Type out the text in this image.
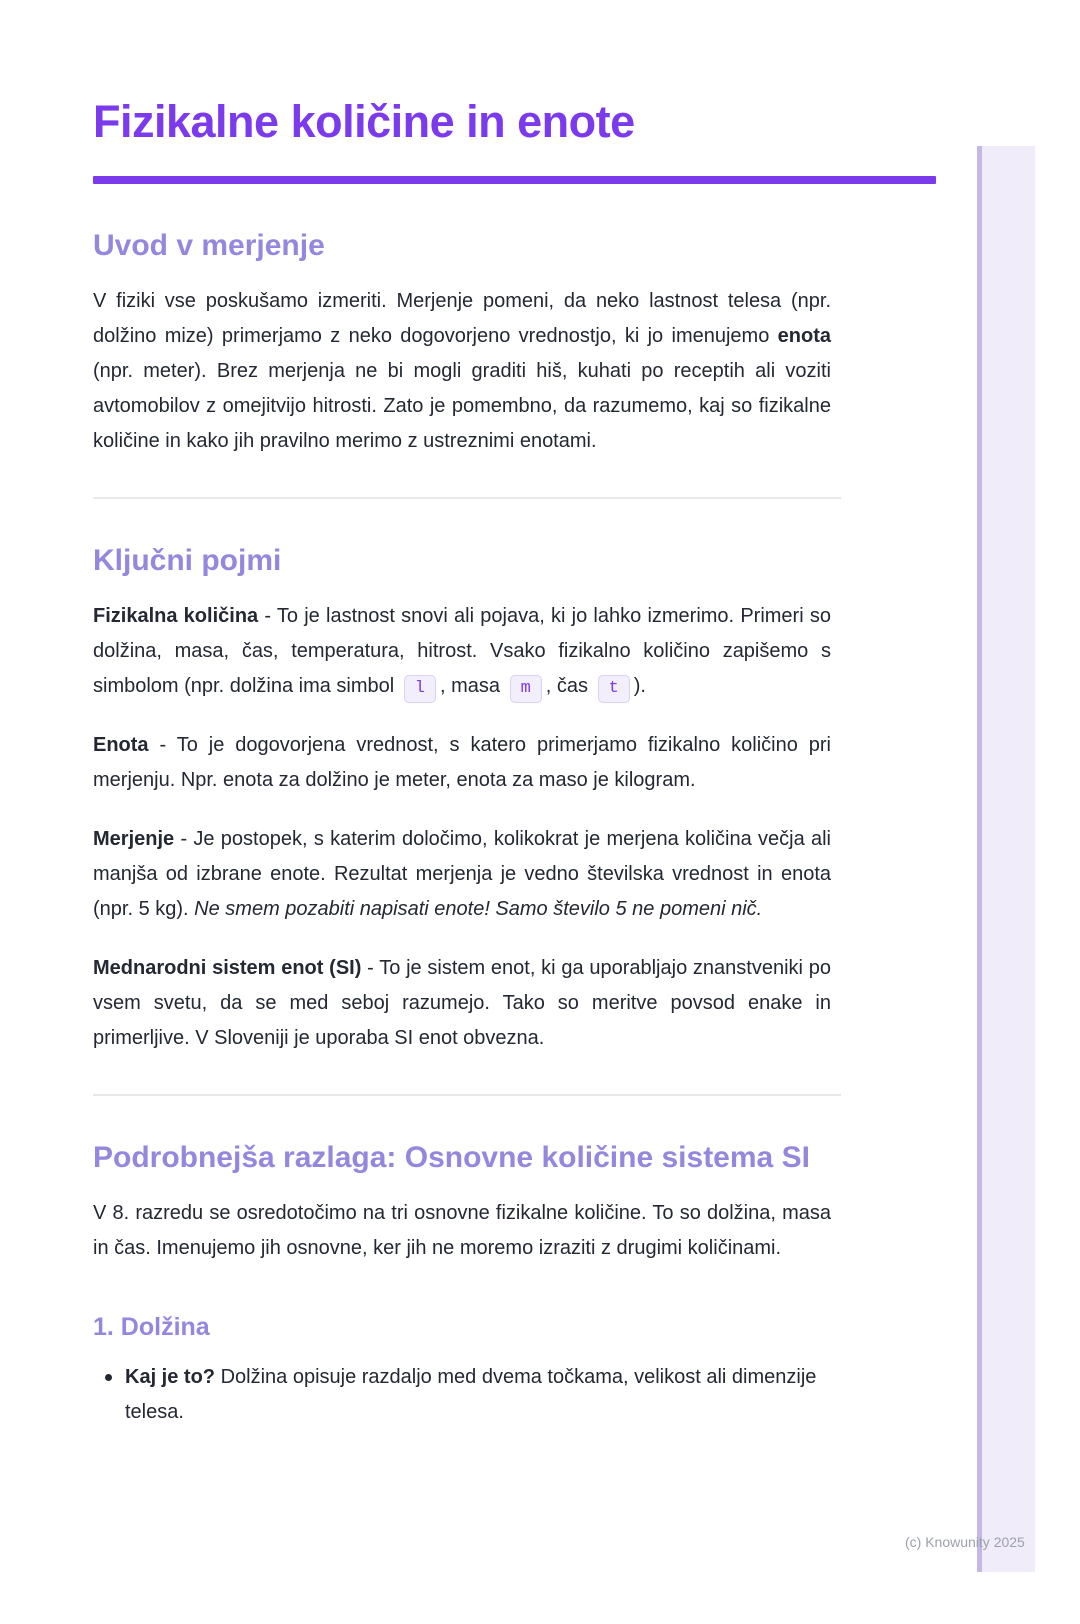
(c) Knowunity 2025
Fizikalne količine in enote
Uvod v merjenje

V fiziki vse poskušamo izmeriti. Merjenje pomeni, da neko lastnost telesa (npr. dolžino mize) primerjamo z neko dogovorjeno vrednostjo, ki jo imenujemo enota (npr. meter). Brez merjenja ne bi mogli graditi hiš, kuhati po receptih ali voziti avtomobilov z omejitvijo hitrosti. Zato je pomembno, da razumemo, kaj so fizikalne količine in kako jih pravilno merimo z ustreznimi enotami.

Ključni pojmi

Fizikalna količina - To je lastnost snovi ali pojava, ki jo lahko izmerimo. Primeri so dolžina, masa, čas, temperatura, hitrost. Vsako fizikalno količino zapišemo s simbolom (npr. dolžina ima simbol l , masa m , čas t ).

Enota - To je dogovorjena vrednost, s katero primerjamo fizikalno količino pri merjenju. Npr. enota za dolžino je meter, enota za maso je kilogram.

Merjenje - Je postopek, s katerim določimo, kolikokrat je merjena količina večja ali manjša od izbrane enote. Rezultat merjenja je vedno številska vrednost in enota (npr. 5 kg). Ne smem pozabiti napisati enote! Samo število 5 ne pomeni nič.

Mednarodni sistem enot (SI) - To je sistem enot, ki ga uporabljajo znanstveniki po vsem svetu, da se med seboj razumejo. Tako so meritve povsod enake in primerljive. V Sloveniji je uporaba SI enot obvezna.

Podrobnejša razlaga: Osnovne količine sistema SI

V 8. razredu se osredotočimo na tri osnovne fizikalne količine. To so dolžina, masa in čas. Imenujemo jih osnovne, ker jih ne moremo izraziti z drugimi količinami.

1. Dolžina
Kaj je to? Dolžina opisuje razdaljo med dvema točkama, velikost ali dimenzije telesa.
